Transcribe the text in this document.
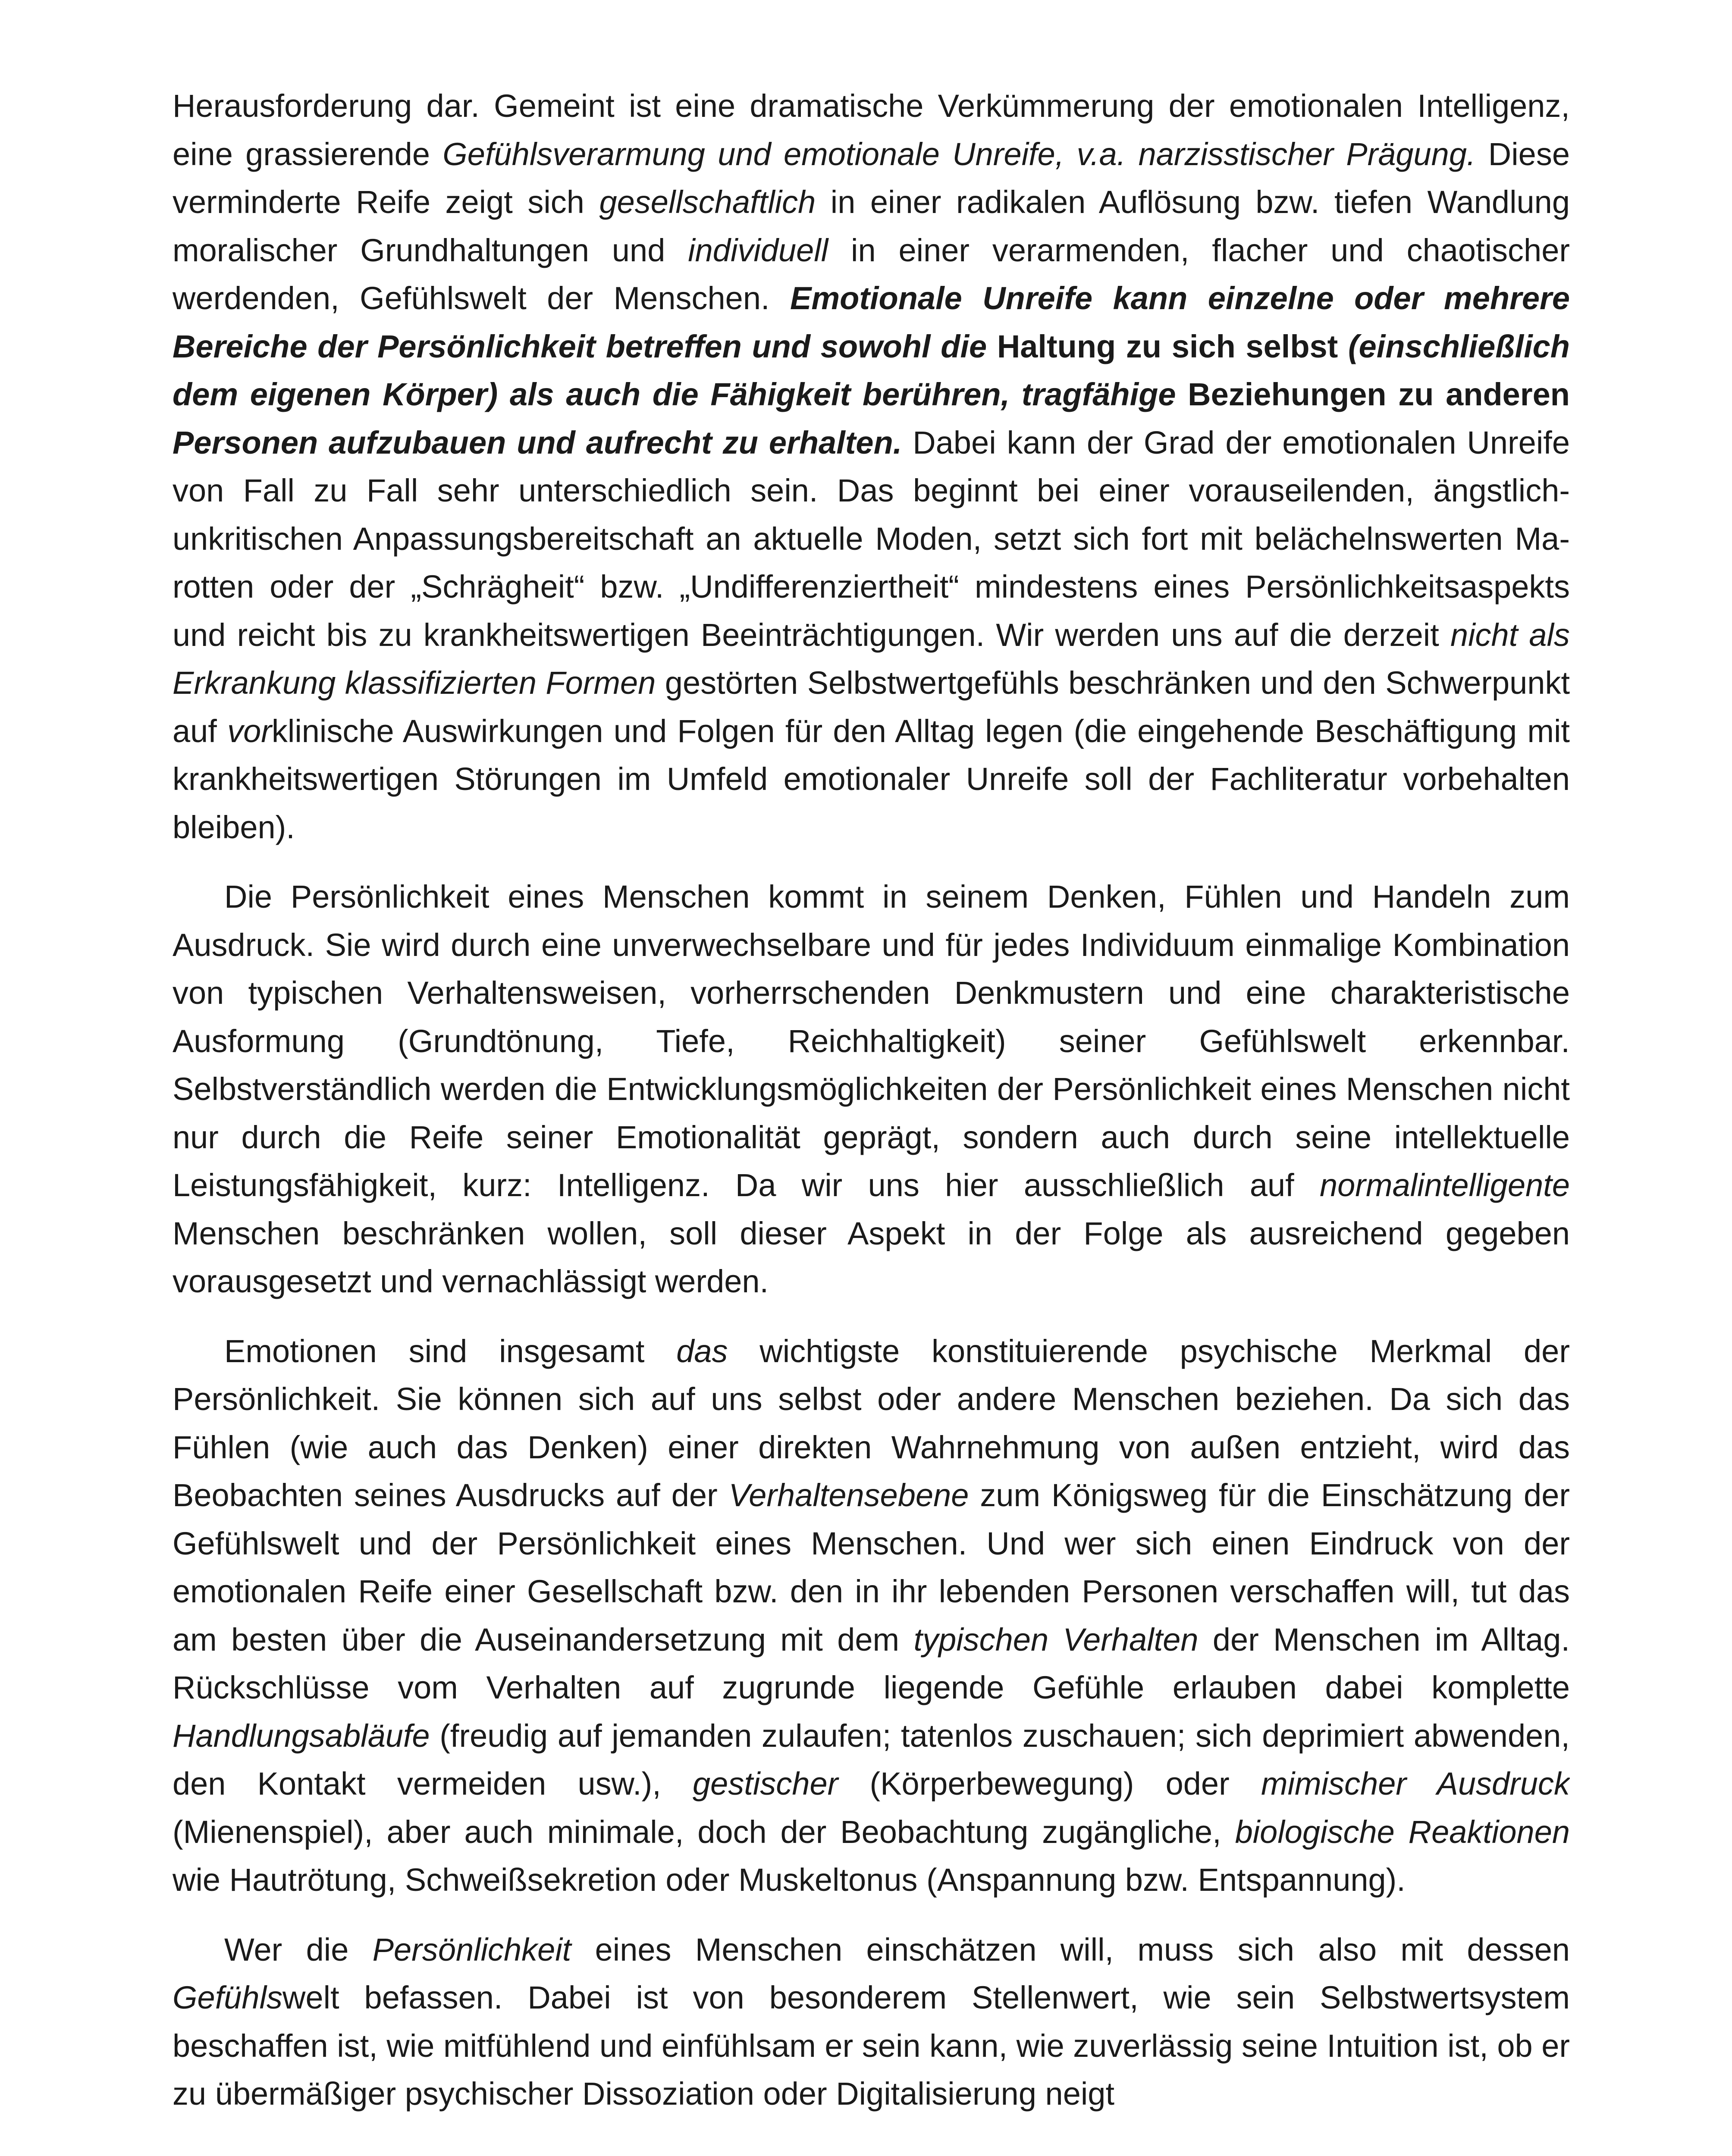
Herausforderung dar. Gemeint ist eine dramatische Verkümmerung der emotionalen Intelligenz, eine grassierende Gefühlsverarmung und emotionale Unreife, v.a. narzisstischer Prägung. Diese verminderte Reife zeigt sich gesellschaftlich in einer radikalen Auflösung bzw. tiefen Wandlung moralischer Grundhaltungen und individuell in einer verarmenden, flacher und chaotischer werdenden, Gefühlswelt der Menschen. Emotionale Unreife kann einzelne oder mehrere Bereiche der Persönlichkeit betreffen und sowohl die Haltung zu sich selbst (einschließlich dem eigenen Körper) als auch die Fähigkeit berühren, tragfähige Beziehungen zu anderen Personen aufzubauen und aufrecht zu erhalten. Dabei kann der Grad der emotionalen Unreife von Fall zu Fall sehr unterschiedlich sein. Das beginnt bei einer vorauseilenden, ängstlich-unkritischen Anpassungsbereitschaft an aktuelle Moden, setzt sich fort mit belächelnswerten Marotten oder der „Schrägheit“ bzw. „Undifferenziertheit“ mindestens eines Persönlichkeitsaspekts und reicht bis zu krankheitswertigen Beeinträchtigungen. Wir werden uns auf die derzeit nicht als Erkrankung klassifizierten Formen gestörten Selbstwertgefühls beschränken und den Schwerpunkt auf vorklinische Auswirkungen und Folgen für den Alltag legen (die eingehende Beschäftigung mit krankheitswertigen Störungen im Umfeld emotionaler Unreife soll der Fachliteratur vorbehalten bleiben).

Die Persönlichkeit eines Menschen kommt in seinem Denken, Fühlen und Handeln zum Ausdruck. Sie wird durch eine unverwechselbare und für jedes Individuum einmalige Kombination von typischen Verhaltensweisen, vorherrschenden Denkmustern und eine charakteristische Ausformung (Grundtönung, Tiefe, Reichhaltigkeit) seiner Gefühlswelt erkennbar. Selbstverständlich werden die Entwicklungsmöglichkeiten der Persönlichkeit eines Menschen nicht nur durch die Reife seiner Emotionalität geprägt, sondern auch durch seine intellektuelle Leistungsfähigkeit, kurz: Intelligenz. Da wir uns hier ausschließlich auf normalintelligente Menschen beschränken wollen, soll dieser Aspekt in der Folge als ausreichend gegeben vorausgesetzt und vernachlässigt werden.

Emotionen sind insgesamt das wichtigste konstituierende psychische Merkmal der Persönlichkeit. Sie können sich auf uns selbst oder andere Menschen beziehen. Da sich das Fühlen (wie auch das Denken) einer direkten Wahrnehmung von außen entzieht, wird das Beobachten seines Ausdrucks auf der Verhaltensebene zum Königsweg für die Einschätzung der Gefühlswelt und der Persönlichkeit eines Menschen. Und wer sich einen Eindruck von der emotionalen Reife einer Gesellschaft bzw. den in ihr lebenden Personen verschaffen will, tut das am besten über die Auseinandersetzung mit dem typischen Verhalten der Menschen im Alltag. Rückschlüsse vom Verhalten auf zugrunde liegende Gefühle erlauben dabei komplette Handlungsabläufe (freudig auf jemanden zulaufen; tatenlos zuschauen; sich deprimiert abwenden, den Kontakt vermeiden usw.), gestischer (Körperbewegung) oder mimischer Ausdruck (Mienenspiel), aber auch minimale, doch der Beobachtung zugängliche, biologische Reaktionen wie Hautrötung, Schweißsekretion oder Muskeltonus (Anspannung bzw. Entspannung).

Wer die Persönlichkeit eines Menschen einschätzen will, muss sich also mit dessen Gefühlswelt befassen. Dabei ist von besonderem Stellenwert, wie sein Selbstwertsystem beschaffen ist, wie mitfühlend und einfühlsam er sein kann, wie zuverlässig seine Intuition ist, ob er zu übermäßiger psychischer Dissoziation oder Digitalisierung neigt
